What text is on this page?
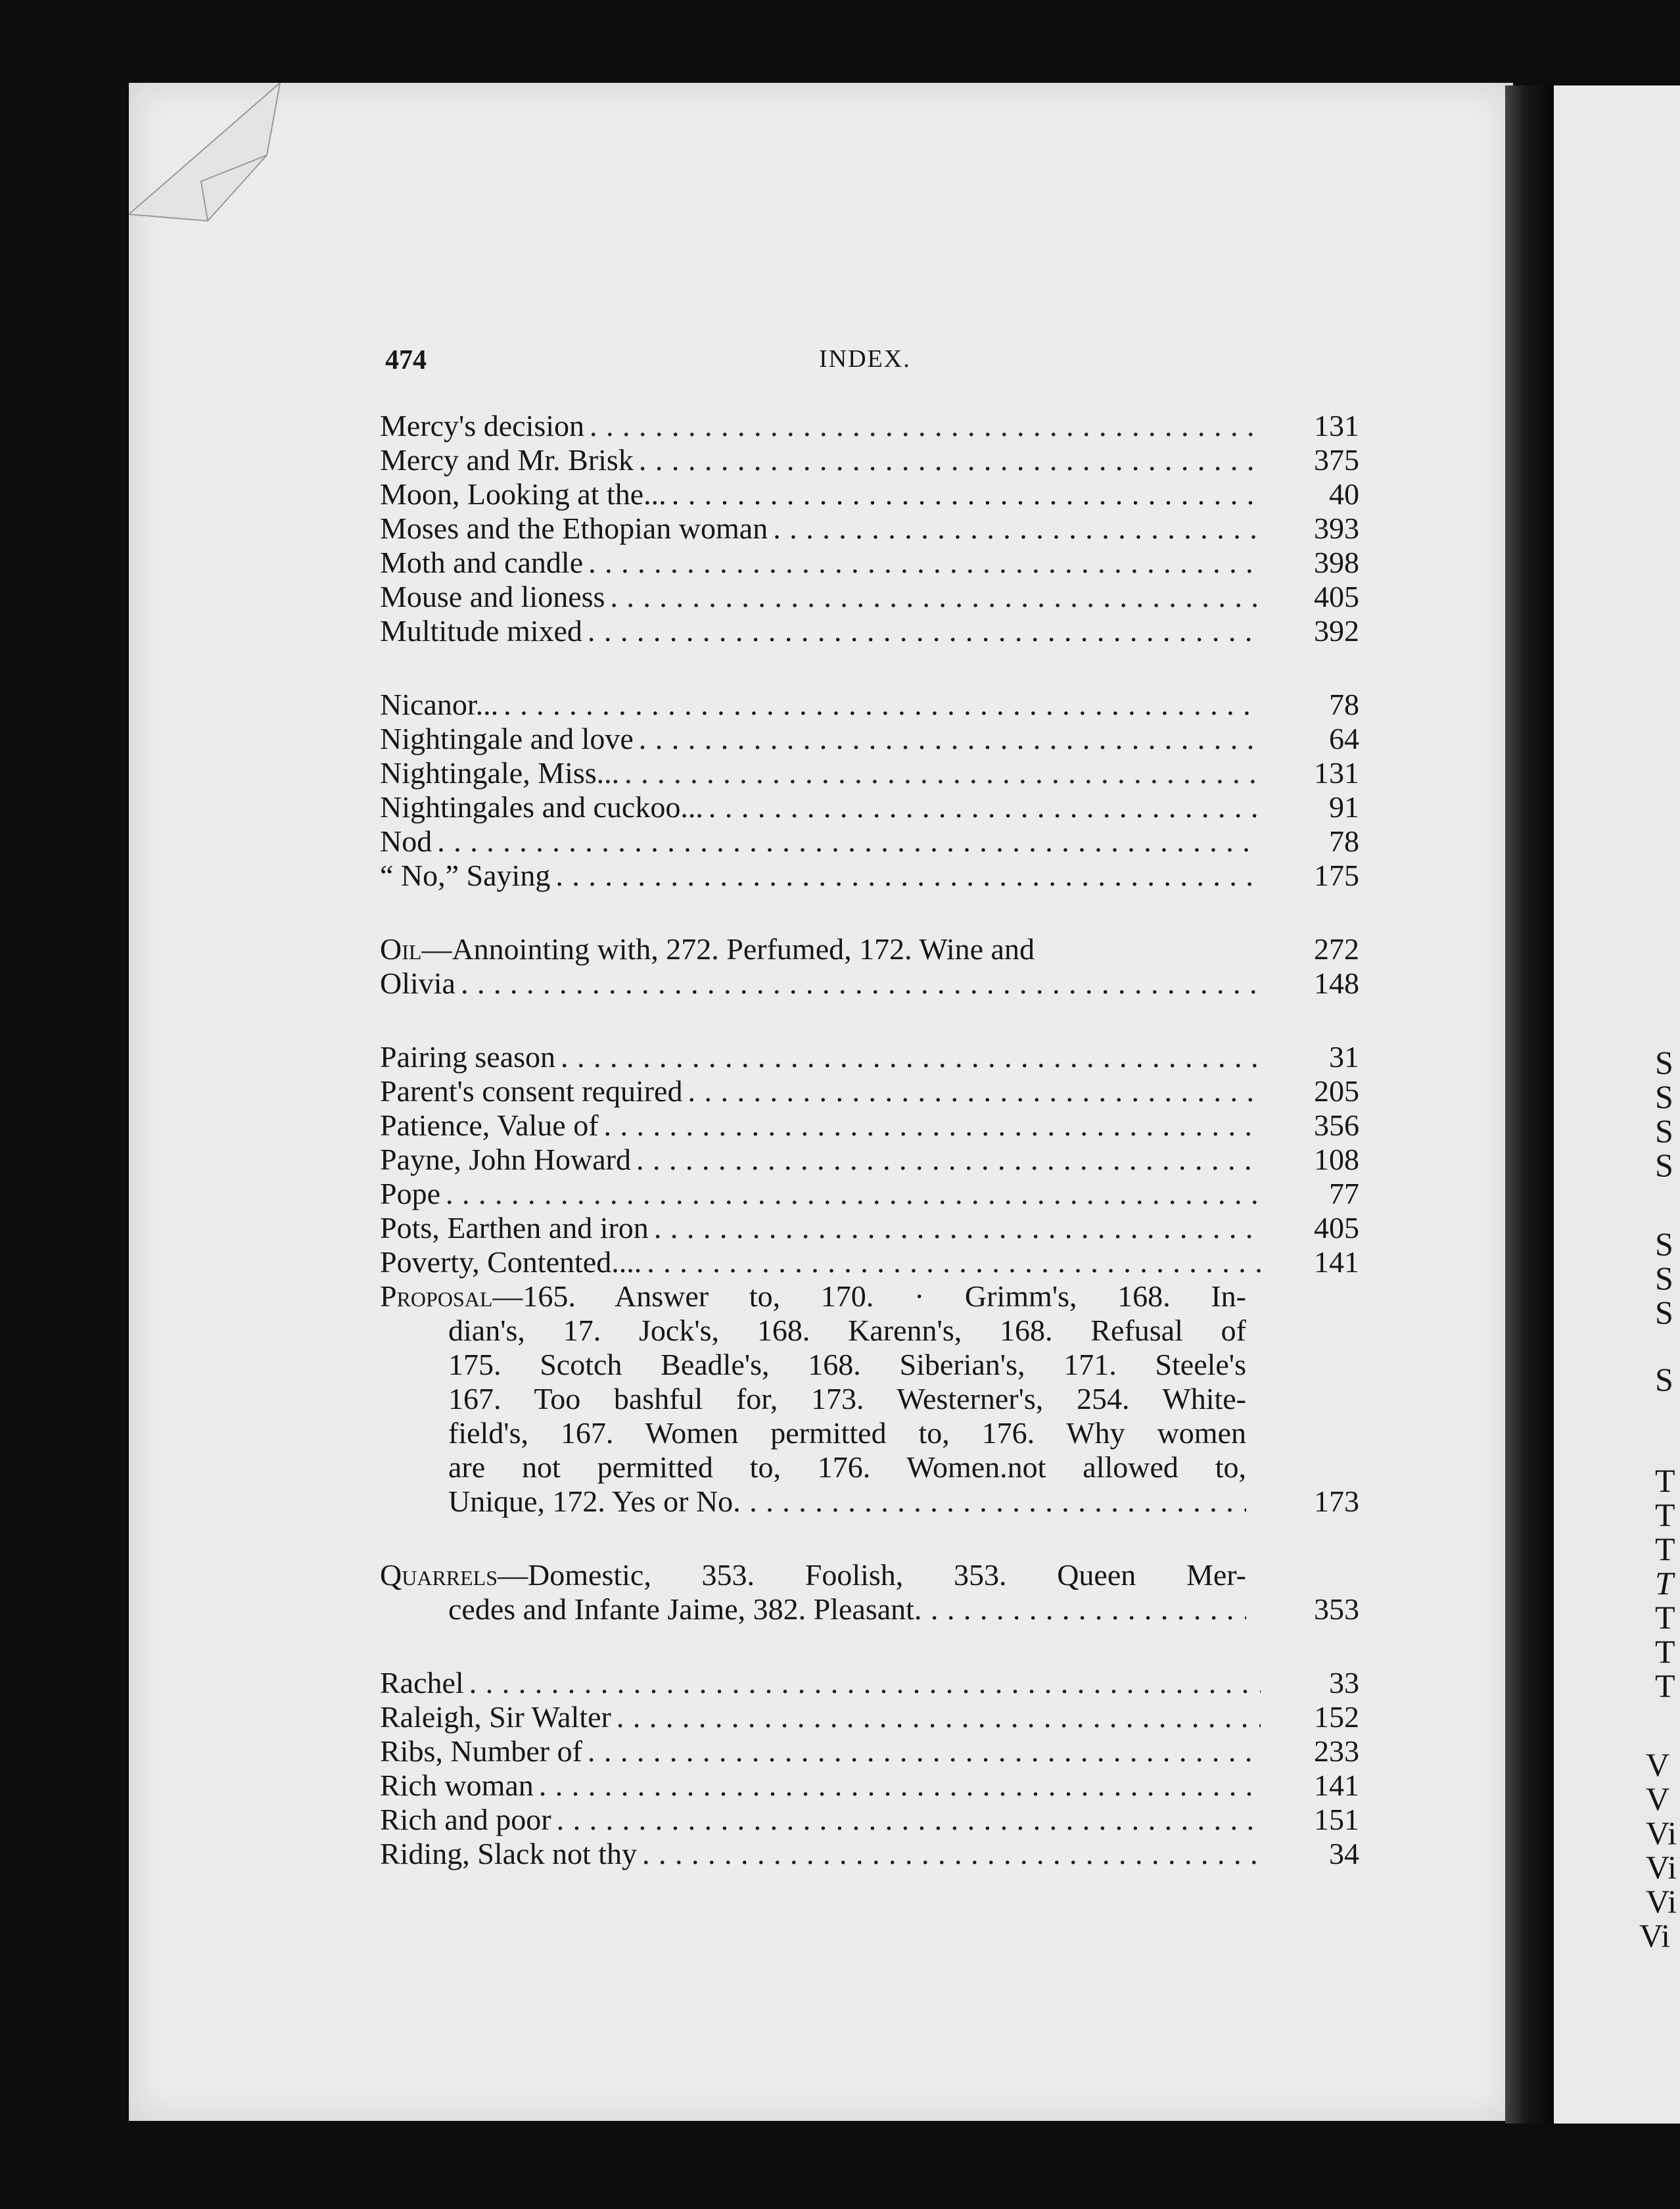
S
S
S
S
S
S
S
S
T
T
T
T
T
T
T
V
V
Vi
Vi
Vi
Vi
474	INDEX.
Mercy's decision . . .	131
Mercy and Mr. Brisk . . .	375
Moon, Looking at the... . . .	40
Moses and the Ethopian woman . . .	393
Moth and candle . . .	398
Mouse and lioness . . .	405
Multitude mixed . . .	392
Nicanor... . . .	78
Nightingale and love . . .	64
Nightingale, Miss... . . .	131
Nightingales and cuckoo... . . .	91
Nod . . .	78
“ No,” Saying . . .	175
Oil—Annointing with, 272. Perfumed, 172. Wine and	272
Olivia . . .	148
Pairing season . . .	31
Parent's consent required . . .	205
Patience, Value of . . .	356
Payne, John Howard . . .	108
Pope . . .	77
Pots, Earthen and iron . . .	405
Poverty, Contented.... . . .	141
Proposal—165. Answer to, 170. · Grimm's, 168. In-
dian's, 17. Jock's, 168. Karenn's, 168. Refusal of
175. Scotch Beadle's, 168. Siberian's, 171. Steele's
167. Too bashful for, 173. Westerner's, 254. White-
field's, 167. Women permitted to, 176. Why women
are not permitted to, 176. Women.not allowed to,
Unique, 172. Yes or No . . .	173
Quarrels—Domestic, 353. Foolish, 353. Queen Mer-
cedes and Infante Jaime, 382. Pleasant . . .	353
Rachel . . .	33
Raleigh, Sir Walter . . .	152
Ribs, Number of . . .	233
Rich woman . . .	141
Rich and poor . . .	151
Riding, Slack not thy . . .	34
